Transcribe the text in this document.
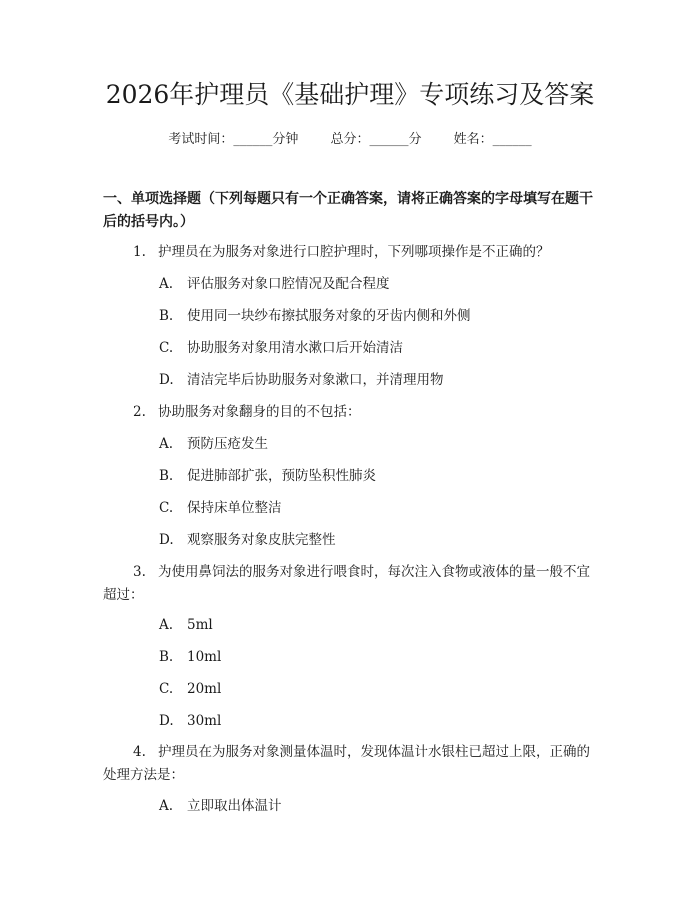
2026年护理员《基础护理》专项练习及答案
考试时间：______分钟 总分：______分 姓名：______

一、单项选择题（下列每题只有一个正确答案，请将正确答案的字母填写在题干
后的括号内。）

1. 护理员在为服务对象进行口腔护理时，下列哪项操作是不正确的？

A. 评估服务对象口腔情况及配合程度

B. 使用同一块纱布擦拭服务对象的牙齿内侧和外侧

C. 协助服务对象用清水漱口后开始清洁

D. 清洁完毕后协助服务对象漱口，并清理用物

2. 协助服务对象翻身的目的不包括：

A. 预防压疮发生

B. 促进肺部扩张，预防坠积性肺炎

C. 保持床单位整洁

D. 观察服务对象皮肤完整性

3. 为使用鼻饲法的服务对象进行喂食时，每次注入食物或液体的量一般不宜
超过：

A. 5ml

B. 10ml

C. 20ml

D. 30ml

4. 护理员在为服务对象测量体温时，发现体温计水银柱已超过上限，正确的
处理方法是：

A. 立即取出体温计
